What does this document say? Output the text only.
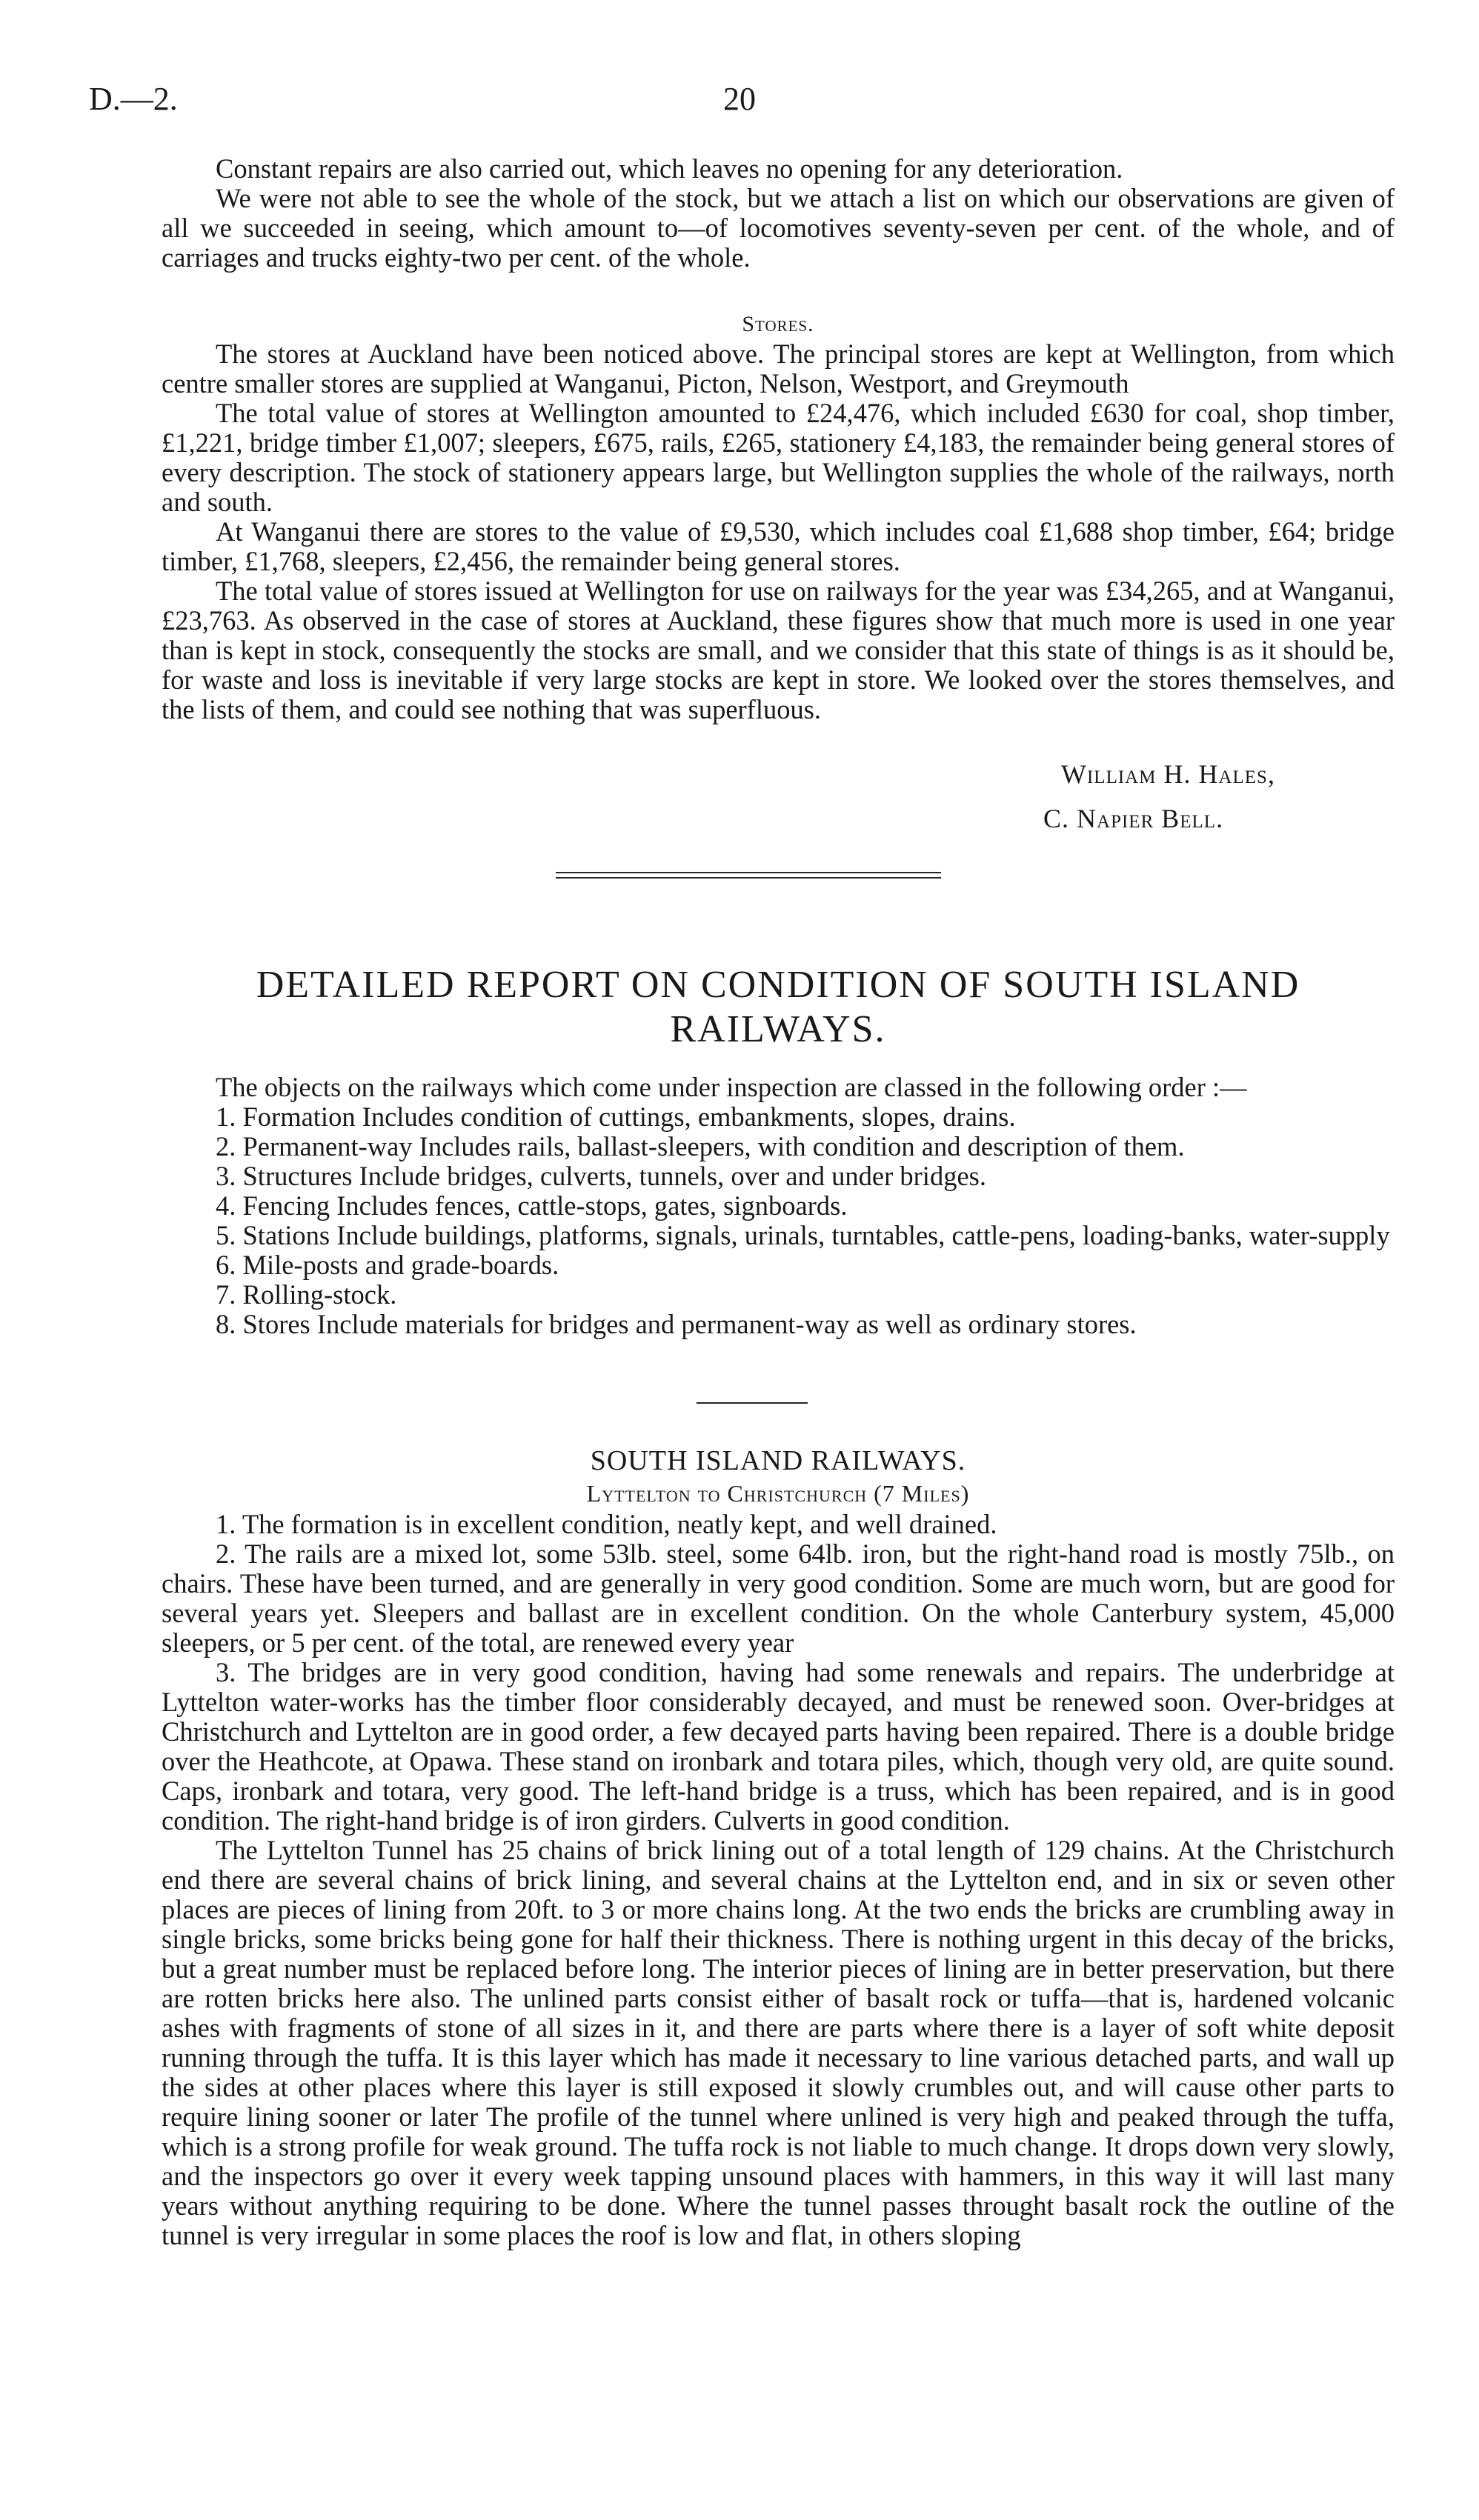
D.—2.	20

Constant repairs are also carried out, which leaves no opening for any deterioration.

We were not able to see the whole of the stock, but we attach a list on which our observations are given of all we succeeded in seeing, which amount to—of locomotives seventy-seven per cent. of the whole, and of carriages and trucks eighty-two per cent. of the whole.

Stores.

The stores at Auckland have been noticed above. The principal stores are kept at Wellington, from which centre smaller stores are supplied at Wanganui, Picton, Nelson, Westport, and Greymouth

The total value of stores at Wellington amounted to £24,476, which included £630 for coal, shop timber, £1,221, bridge timber £1,007; sleepers, £675, rails, £265, stationery £4,183, the remainder being general stores of every description. The stock of stationery appears large, but Wellington supplies the whole of the railways, north and south.

At Wanganui there are stores to the value of £9,530, which includes coal £1,688 shop timber, £64; bridge timber, £1,768, sleepers, £2,456, the remainder being general stores.

The total value of stores issued at Wellington for use on railways for the year was £34,265, and at Wanganui, £23,763. As observed in the case of stores at Auckland, these figures show that much more is used in one year than is kept in stock, consequently the stocks are small, and we consider that this state of things is as it should be, for waste and loss is inevitable if very large stocks are kept in store. We looked over the stores themselves, and the lists of them, and could see nothing that was superfluous.

William H. Hales,
C. Napier Bell.
DETAILED REPORT ON CONDITION OF SOUTH ISLAND
RAILWAYS.

The objects on the railways which come under inspection are classed in the following order :—

1. Formation Includes condition of cuttings, embankments, slopes, drains.

2. Permanent-way Includes rails, ballast-sleepers, with condition and description of them.

3. Structures Include bridges, culverts, tunnels, over and under bridges.

4. Fencing Includes fences, cattle-stops, gates, signboards.

5. Stations Include buildings, platforms, signals, urinals, turntables, cattle-pens, loading-banks, water-supply

6. Mile-posts and grade-boards.

7. Rolling-stock.

8. Stores Include materials for bridges and permanent-way as well as ordinary stores.

SOUTH ISLAND RAILWAYS.
Lyttelton to Christchurch (7 Miles)

1. The formation is in excellent condition, neatly kept, and well drained.

2. The rails are a mixed lot, some 53lb. steel, some 64lb. iron, but the right-hand road is mostly 75lb., on chairs. These have been turned, and are generally in very good condition. Some are much worn, but are good for several years yet. Sleepers and ballast are in excellent condition. On the whole Canterbury system, 45,000 sleepers, or 5 per cent. of the total, are renewed every year

3. The bridges are in very good condition, having had some renewals and repairs. The underbridge at Lyttelton water-works has the timber floor considerably decayed, and must be renewed soon. Over-bridges at Christchurch and Lyttelton are in good order, a few decayed parts having been repaired. There is a double bridge over the Heathcote, at Opawa. These stand on ironbark and totara piles, which, though very old, are quite sound. Caps, ironbark and totara, very good. The left-hand bridge is a truss, which has been repaired, and is in good condition. The right-hand bridge is of iron girders. Culverts in good condition.

The Lyttelton Tunnel has 25 chains of brick lining out of a total length of 129 chains. At the Christchurch end there are several chains of brick lining, and several chains at the Lyttelton end, and in six or seven other places are pieces of lining from 20ft. to 3 or more chains long. At the two ends the bricks are crumbling away in single bricks, some bricks being gone for half their thickness. There is nothing urgent in this decay of the bricks, but a great number must be replaced before long. The interior pieces of lining are in better preservation, but there are rotten bricks here also. The unlined parts consist either of basalt rock or tuffa—that is, hardened volcanic ashes with fragments of stone of all sizes in it, and there are parts where there is a layer of soft white deposit running through the tuffa. It is this layer which has made it necessary to line various detached parts, and wall up the sides at other places where this layer is still exposed it slowly crumbles out, and will cause other parts to require lining sooner or later The profile of the tunnel where unlined is very high and peaked through the tuffa, which is a strong profile for weak ground. The tuffa rock is not liable to much change. It drops down very slowly, and the inspectors go over it every week tapping unsound places with hammers, in this way it will last many years without anything requiring to be done. Where the tunnel passes throught basalt rock the outline of the tunnel is very irregular in some places the roof is low and flat, in others sloping
